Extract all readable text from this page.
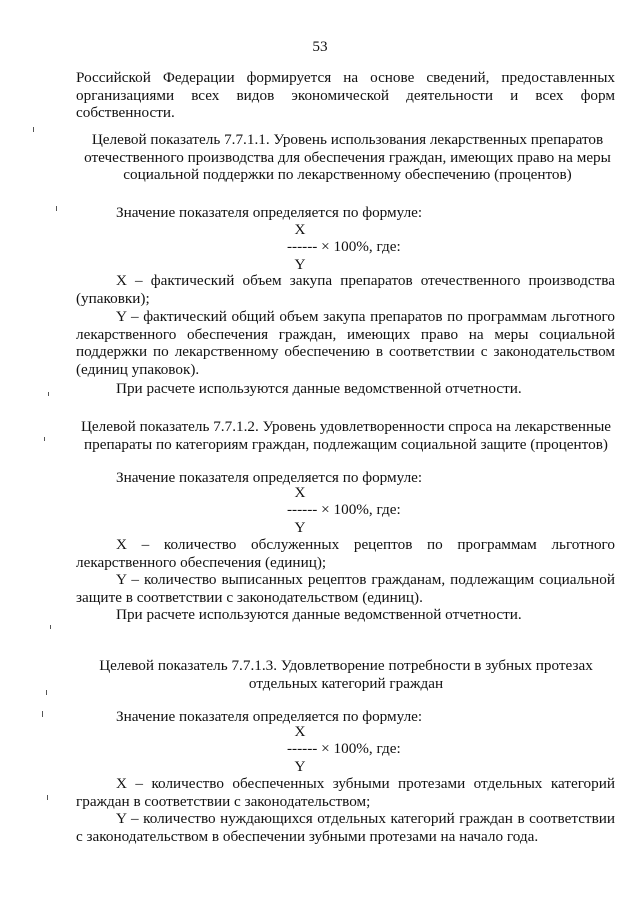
53

Российской Федерации формируется на основе сведений, предоставленных организациями всех видов экономической деятельности и всех форм собственности.

Целевой показатель 7.7.1.1. Уровень использования лекарственных препаратов отечественного производства для обеспечения граждан, имеющих право на меры социальной поддержки по лекарственному обеспечению (процентов)

Значение показателя определяется по формуле:

X
------ × 100%, где:
Y

X – фактический объем закупа препаратов отечественного производства (упаковки);

Y – фактический общий объем закупа препаратов по программам льготного лекарственного обеспечения граждан, имеющих право на меры социальной поддержки по лекарственному обеспечению в соответствии с законодательством (единиц упаковок).

При расчете используются данные ведомственной отчетности.

Целевой показатель 7.7.1.2. Уровень удовлетворенности спроса на лекарственные препараты по категориям граждан, подлежащим социальной защите (процентов)

Значение показателя определяется по формуле:

X
------ × 100%, где:
Y

X – количество обслуженных рецептов по программам льготного лекарственного обеспечения (единиц);

Y – количество выписанных рецептов гражданам, подлежащим социальной защите в соответствии с законодательством (единиц).

При расчете используются данные ведомственной отчетности.

Целевой показатель 7.7.1.3. Удовлетворение потребности в зубных протезах отдельных категорий граждан

Значение показателя определяется по формуле:

X
------ × 100%, где:
Y

X – количество обеспеченных зубными протезами отдельных категорий граждан в соответствии с законодательством;

Y – количество нуждающихся отдельных категорий граждан в соответствии с законодательством в обеспечении зубными протезами на начало года.
